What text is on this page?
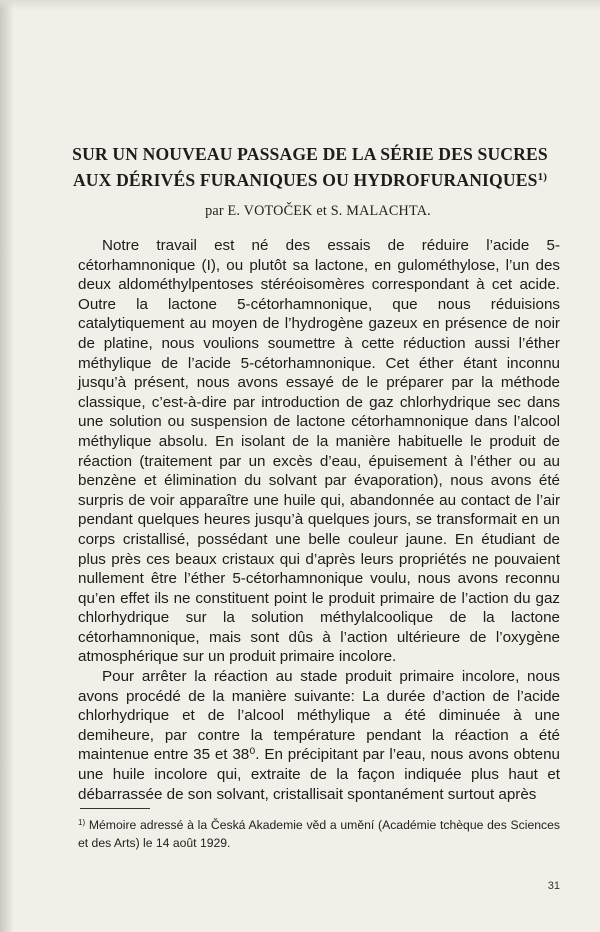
SUR UN NOUVEAU PASSAGE DE LA SÉRIE DES SUCRES
AUX DÉRIVÉS FURANIQUES OU HYDROFURANIQUES$^{1)}$
par E. VOTOČEK et S. MALACHTA.

Notre travail est né des essais de réduire l’acide 5-cétorhamnonique (I), ou plutôt sa lactone, en gulométhylose, l’un des deux aldométhylpentoses stéréoisomères correspondant à cet acide. Outre la lactone 5-cétorhamnonique, que nous réduisions catalytiquement au moyen de l’hydrogène gazeux en présence de noir de platine, nous voulions soumettre à cette réduction aussi l’éther méthylique de l’acide 5-cétorhamnonique. Cet éther étant inconnu jusqu’à présent, nous avons essayé de le préparer par la méthode classique, c’est-à-dire par introduction de gaz chlorhydrique sec dans une solution ou suspension de lactone cétorhamnonique dans l’alcool méthylique absolu. En isolant de la manière habituelle le produit de réaction (traitement par un excès d’eau, épuisement à l’éther ou au benzène et élimination du solvant par évaporation), nous avons été surpris de voir apparaître une huile qui, abandonnée au contact de l’air pendant quelques heures jusqu’à quelques jours, se transformait en un corps cristallisé, possédant une belle couleur jaune. En étudiant de plus près ces beaux cristaux qui d’après leurs propriétés ne pouvaient nullement être l’éther 5-cétorhamnonique voulu, nous avons reconnu qu’en effet ils ne constituent point le produit primaire de l’action du gaz chlorhydrique sur la solution méthylalcoolique de la lactone cétorhamnonique, mais sont dûs à l’action ultérieure de l’oxygène atmosphérique sur un produit primaire incolore.

Pour arrêter la réaction au stade produit primaire incolore, nous avons procédé de la manière suivante: La durée d’action de l’acide chlorhydrique et de l’alcool méthylique a été diminuée à une demiheure, par contre la température pendant la réaction a été maintenue entre 35 et 38⁰. En précipitant par l’eau, nous avons obtenu une huile incolore qui, extraite de la façon indiquée plus haut et débarrassée de son solvant, cristallisait spontanément surtout après

$^{1)}$ Mémoire adressé à la Česká Akademie věd a umění (Académie tchèque des Sciences et des Arts) le 14 août 1929.
31
